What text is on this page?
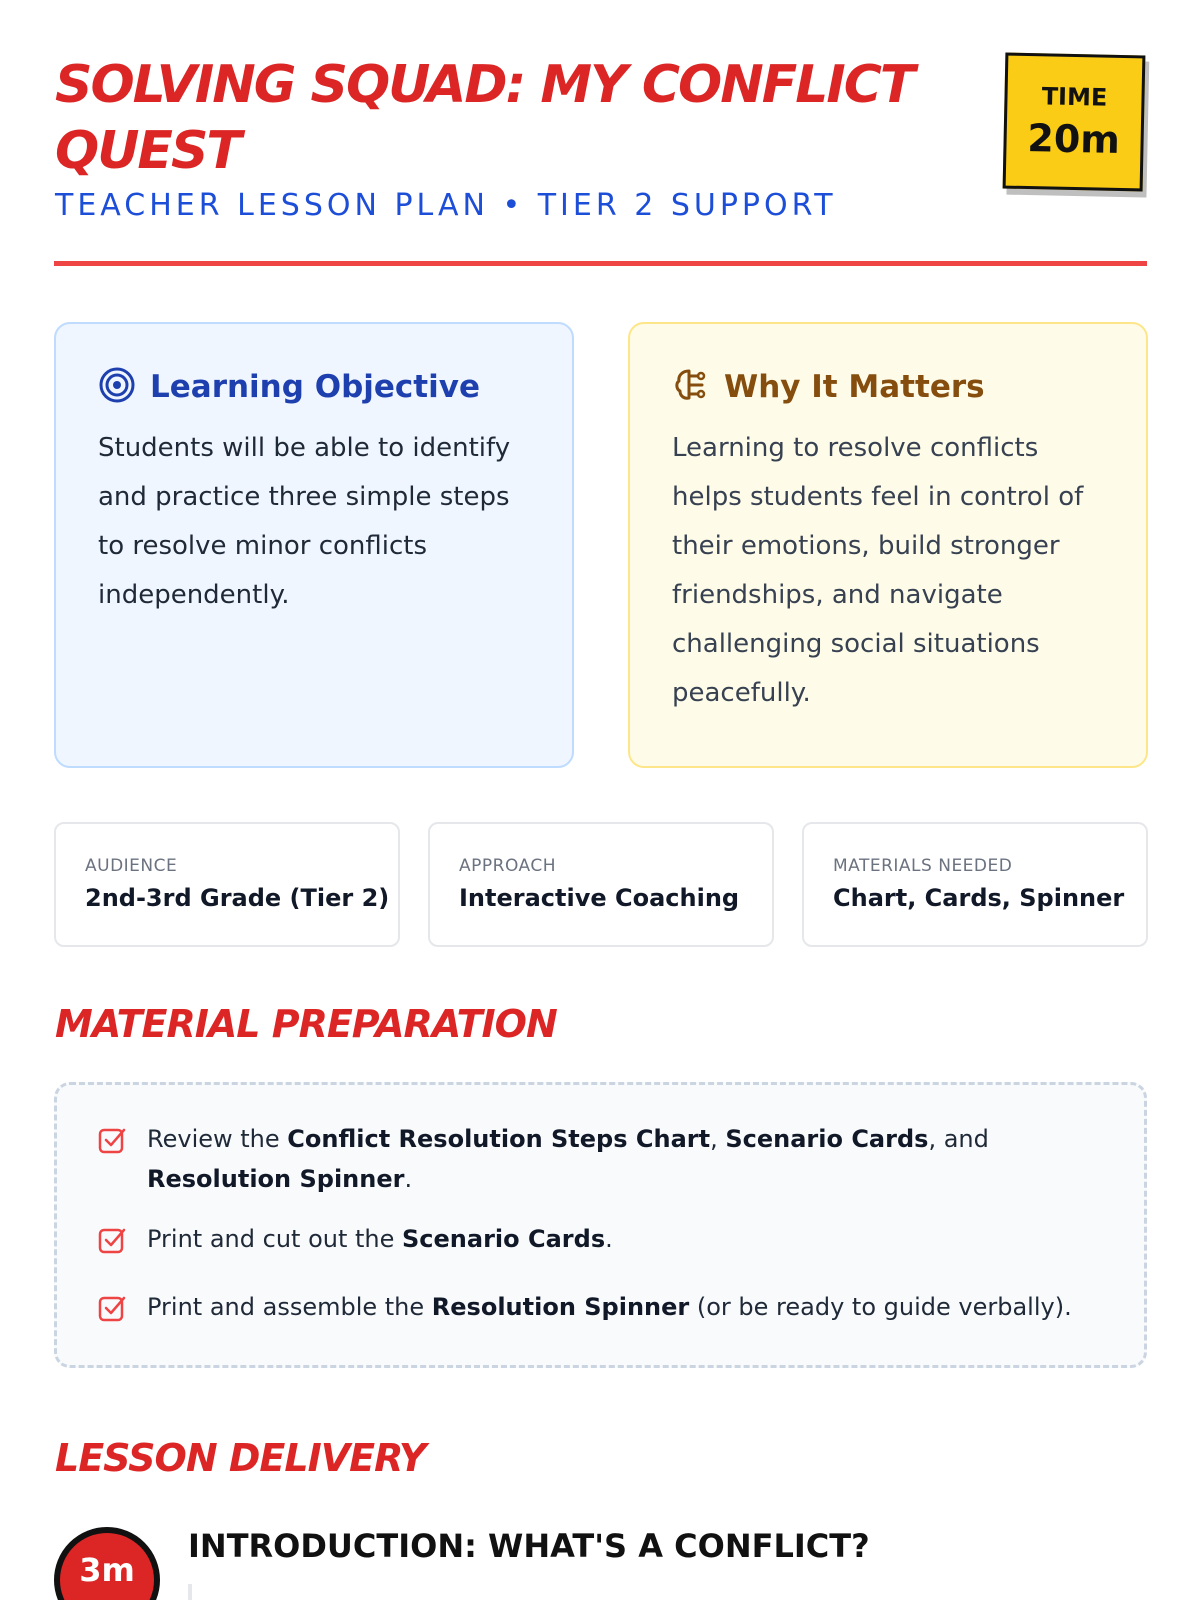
SOLVING SQUAD: MY CONFLICT QUEST

TEACHER LESSON PLAN • TIER 2 SUPPORT

TIME
20m
Learning Objective

Students will be able to identify and practice three simple steps to resolve minor conflicts independently.

Why It Matters

Learning to resolve conflicts helps students feel in control of their emotions, build stronger friendships, and navigate challenging social situations peacefully.

AUDIENCE
2nd-3rd Grade (Tier 2)
APPROACH
Interactive Coaching
MATERIALS NEEDED
Chart, Cards, Spinner
MATERIAL PREPARATION
Review the Conflict Resolution Steps Chart, Scenario Cards, and Resolution Spinner.
Print and cut out the Scenario Cards.
Print and assemble the Resolution Spinner (or be ready to guide verbally).
LESSON DELIVERY
3m
INTRODUCTION: WHAT'S A CONFLICT?
